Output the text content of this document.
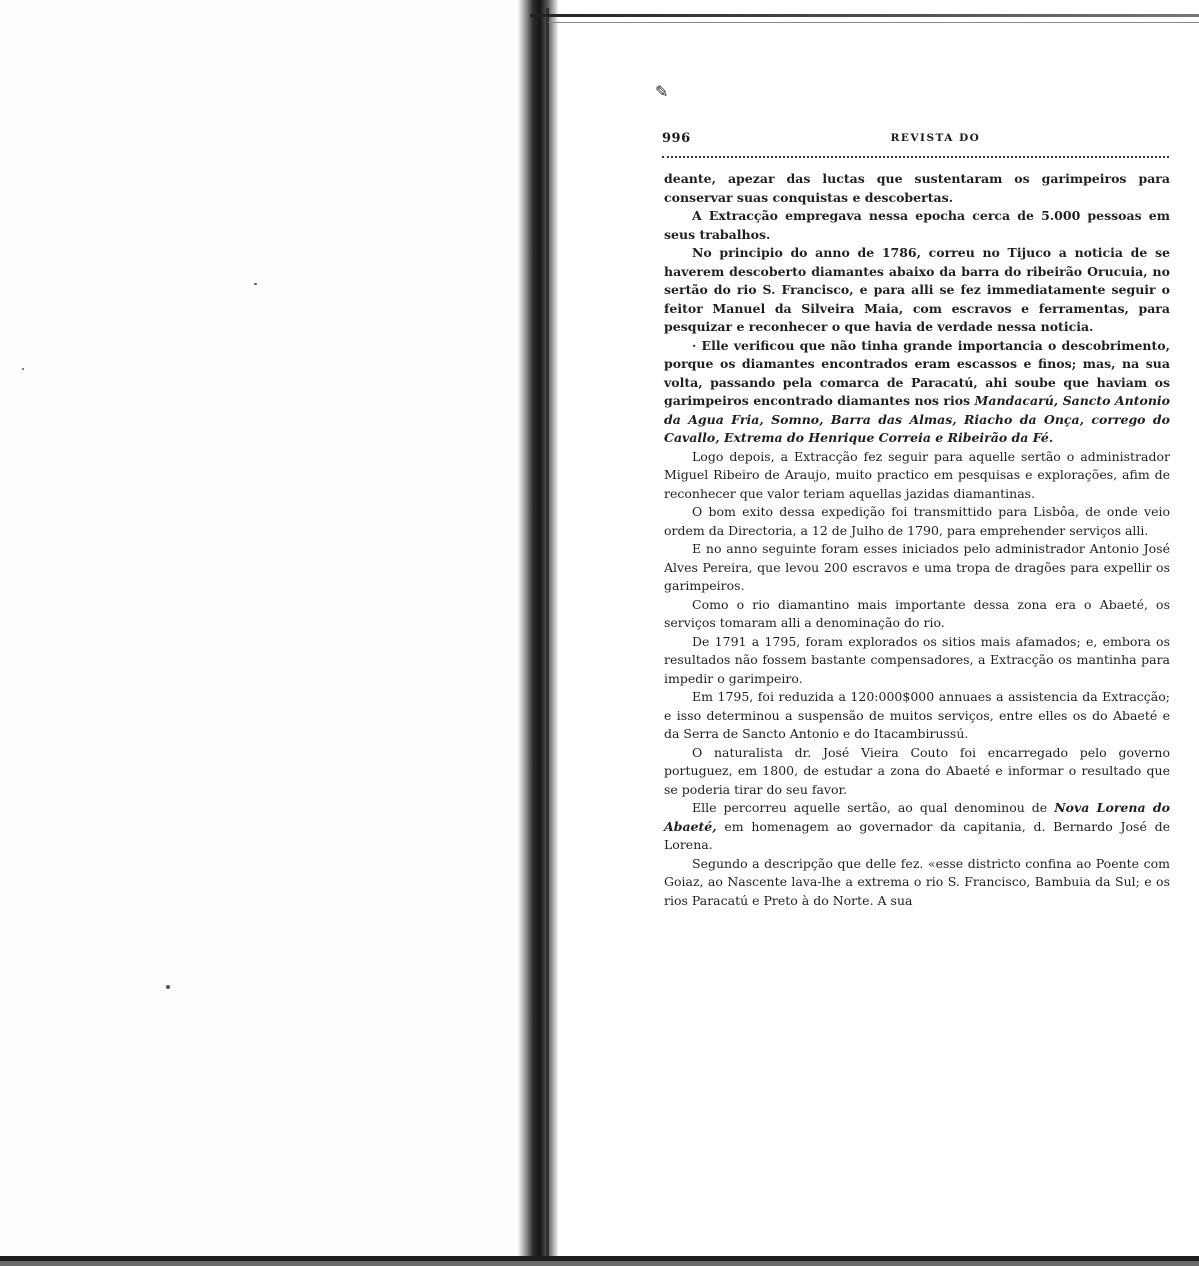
✎
996	REVISTA DO

deante, apezar das luctas que sustentaram os garimpeiros para conservar suas conquistas e descobertas.

A Extracção empregava nessa epocha cerca de 5.000 pessoas em seus trabalhos.

No principio do anno de 1786, correu no Tijuco a noticia de se haverem descoberto diamantes abaixo da barra do ribeirão Orucuia, no sertão do rio S. Francisco, e para alli se fez immediatamente seguir o feitor Manuel da Silveira Maia, com escravos e ferramentas, para pesquizar e reconhecer o que havia de verdade nessa noticia.

· Elle verificou que não tinha grande importancia o descobrimento, porque os diamantes encontrados eram escassos e finos; mas, na sua volta, passando pela comarca de Paracatú, ahi soube que haviam os garimpeiros encontrado diamantes nos rios Mandacarú, Sancto Antonio da Agua Fria, Somno, Barra das Almas, Riacho da Onça, corrego do Cavallo, Extrema do Henrique Correia e Ribeirão da Fé.

Logo depois, a Extracção fez seguir para aquelle sertão o administrador Miguel Ribeiro de Araujo, muito practico em pesquisas e explorações, afim de reconhecer que valor teriam aquellas jazidas diamantinas.

O bom exito dessa expedição foi transmittido para Lisbôa, de onde veio ordem da Directoria, a 12 de Julho de 1790, para emprehender serviços alli.

E no anno seguinte foram esses iniciados pelo administrador Antonio José Alves Pereira, que levou 200 escravos e uma tropa de dragões para expellir os garimpeiros.

Como o rio diamantino mais importante dessa zona era o Abaeté, os serviços tomaram alli a denominação do rio.

De 1791 a 1795, foram explorados os sitios mais afamados; e, embora os resultados não fossem bastante compensadores, a Extracção os mantinha para impedir o garimpeiro.

Em 1795, foi reduzida a 120:000$000 annuaes a assistencia da Extracção; e isso determinou a suspensão de muitos serviços, entre elles os do Abaeté e da Serra de Sancto Antonio e do Itacambirussú.

O naturalista dr. José Vieira Couto foi encarregado pelo governo portuguez, em 1800, de estudar a zona do Abaeté e informar o resultado que se poderia tirar do seu favor.

Elle percorreu aquelle sertão, ao qual denominou de Nova Lorena do Abaeté, em homenagem ao governador da capitania, d. Bernardo José de Lorena.

Segundo a descripção que delle fez. «esse districto confina ao Poente com Goiaz, ao Nascente lava-lhe a extrema o rio S. Francisco, Bambuia da Sul; e os rios Paracatú e Preto à do Norte. A sua
